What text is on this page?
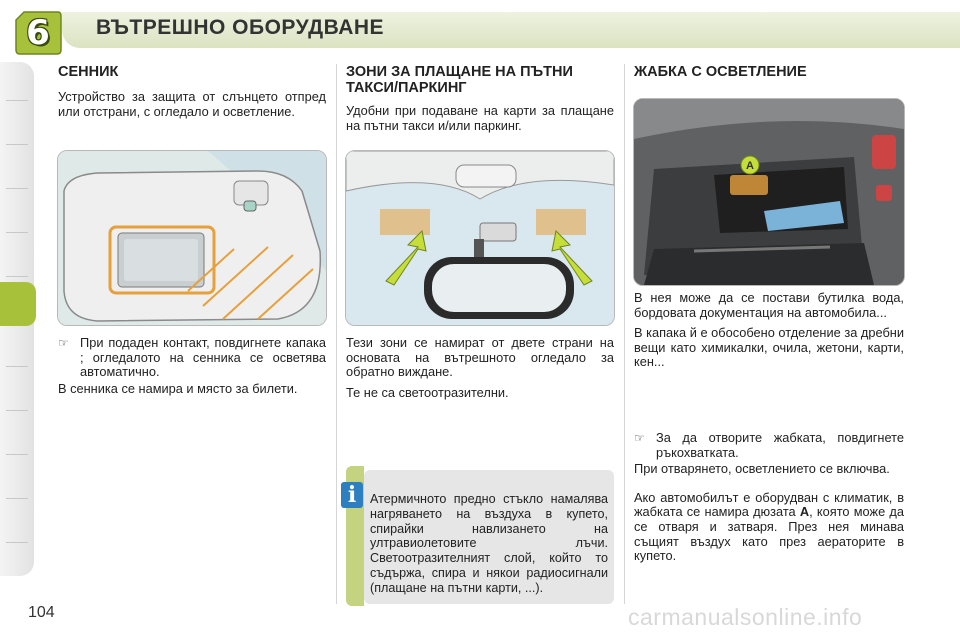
6	ВЪТРЕШНО ОБОРУДВАНЕ
СЕННИК

Устройство за защита от слънцето отпред или отстрани, с огледало и осветление.

☞ При подаден контакт, повдигнете капака ; огледалото на сенника се осветява автоматично.

В сенника се намира и място за билети.

ЗОНИ ЗА ПЛАЩАНЕ НА ПЪТНИ ТАКСИ/ПАРКИНГ

Удобни при подаване на карти за плащане на пътни такси и/или паркинг.

Тези зони се намират от двете страни на основата на вътрешното огледало за обратно виждане.

Те не са светоотразителни.

Атермичното предно стъкло намалява нагряването на въздуха в купето, спирайки навлизането на ултравиолетовите лъчи. Светоотразителният слой, който то съдържа, спира и някои радиосигнали (плащане на пътни карти, ...).

i
ЖАБКА С ОСВЕТЛЕНИЕ
A

В нея може да се постави бутилка вода, бордовата документация на автомобила...

В капака й е обособено отделение за дребни вещи като химикалки, очила, жетони, карти, кен...

☞ За да отворите жабката, повдигнете ръкохватката.

При отварянето, осветлението се включва.

Ако автомобилът е оборудван с климатик, в жабката се намира дюзата A, която може да се отваря и затваря. През нея минава същият въздух като през аераторите в купето.

104	carmanualsonline.info
